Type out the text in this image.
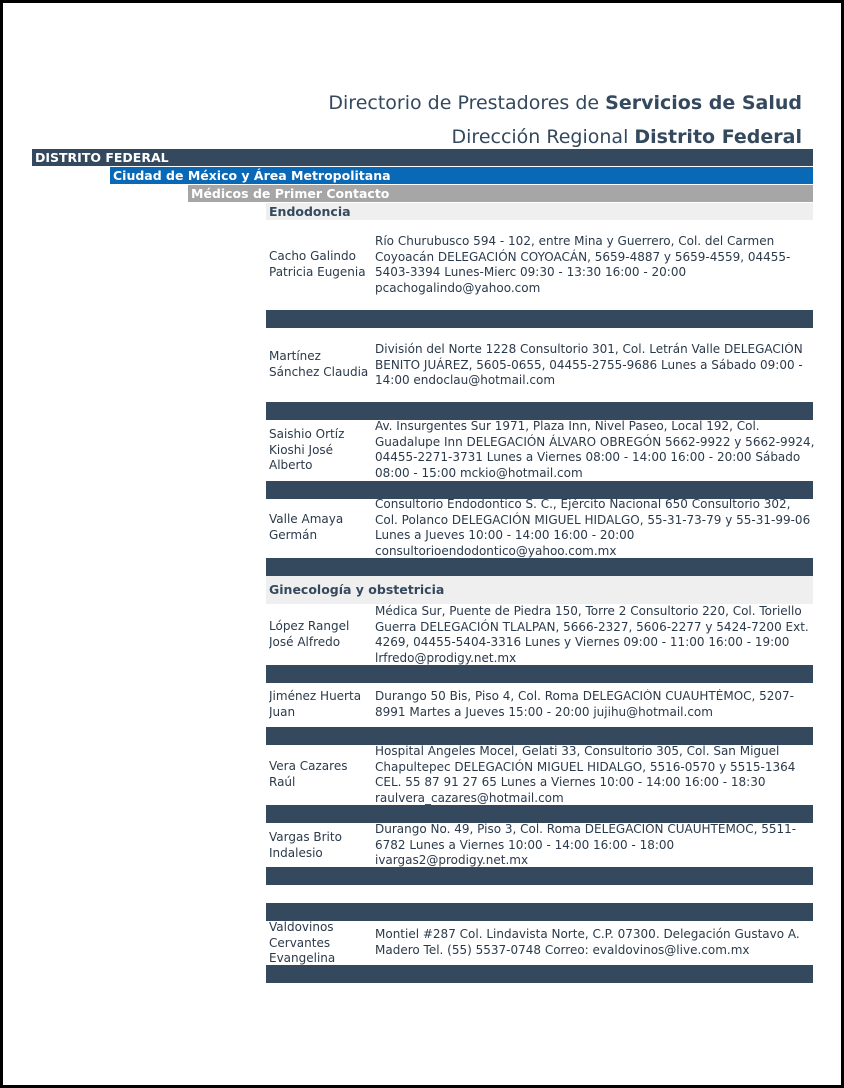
Directorio de Prestadores de Servicios de Salud
Dirección Regional Distrito Federal
DISTRITO FEDERAL
Ciudad de México y Área Metropolitana
Médicos de Primer Contacto
Endodoncia
Cacho Galindo Patricia Eugenia
Río Churubusco 594 - 102, entre Mina y Guerrero, Col. del Carmen Coyoacán DELEGACIÓN COYOACÁN, 5659-4887 y 5659-4559, 04455-5403-3394 Lunes-Mierc 09:30 - 13:30 16:00 - 20:00 pcachogalindo@yahoo.com
Martínez Sánchez Claudia
División del Norte 1228 Consultorio 301, Col. Letrán Valle DELEGACIÓN BENITO JUÁREZ, 5605-0655, 04455-2755-9686 Lunes a Sábado 09:00 - 14:00 endoclau@hotmail.com
Saishio Ortíz Kioshi José Alberto
Av. Insurgentes Sur 1971, Plaza Inn, Nivel Paseo, Local 192, Col. Guadalupe Inn DELEGACIÓN ÁLVARO OBREGÓN 5662-9922 y 5662-9924, 04455-2271-3731 Lunes a Viernes 08:00 - 14:00 16:00 - 20:00 Sábado 08:00 - 15:00 mckio@hotmail.com
Valle Amaya Germán
Consultorio Endodontico S. C., Ejército Nacional 650 Consultorio 302, Col. Polanco DELEGACIÓN MIGUEL HIDALGO, 55-31-73-79 y 55-31-99-06 Lunes a Jueves 10:00 - 14:00 16:00 - 20:00 consultorioendodontico@yahoo.com.mx
Ginecología y obstetricia
López Rangel José Alfredo
Médica Sur, Puente de Piedra 150, Torre 2 Consultorio 220, Col. Toriello Guerra DELEGACIÓN TLALPAN, 5666-2327, 5606-2277 y 5424-7200 Ext. 4269, 04455-5404-3316 Lunes y Viernes 09:00 - 11:00 16:00 - 19:00 lrfredo@prodigy.net.mx
Jiménez Huerta Juan
Durango 50 Bis, Piso 4, Col. Roma DELEGACIÓN CUAUHTÉMOC, 5207-8991 Martes a Jueves 15:00 - 20:00 jujihu@hotmail.com
Vera Cazares Raúl
Hospital Ángeles Mocel, Gelati 33, Consultorio 305, Col. San Miguel Chapultepec DELEGACIÓN MIGUEL HIDALGO, 5516-0570 y 5515-1364 CEL. 55 87 91 27 65 Lunes a Viernes 10:00 - 14:00 16:00 - 18:30 raulvera_cazares@hotmail.com
Vargas Brito Indalesio
Durango No. 49, Piso 3, Col. Roma DELEGACIÓN CUAUHTÉMOC, 5511-6782 Lunes a Viernes 10:00 - 14:00 16:00 - 18:00 ivargas2@prodigy.net.mx
Valdovinos Cervantes Evangelina
Montiel #287 Col. Lindavista Norte, C.P. 07300. Delegación Gustavo A. Madero Tel. (55) 5537-0748 Correo: evaldovinos@live.com.mx
